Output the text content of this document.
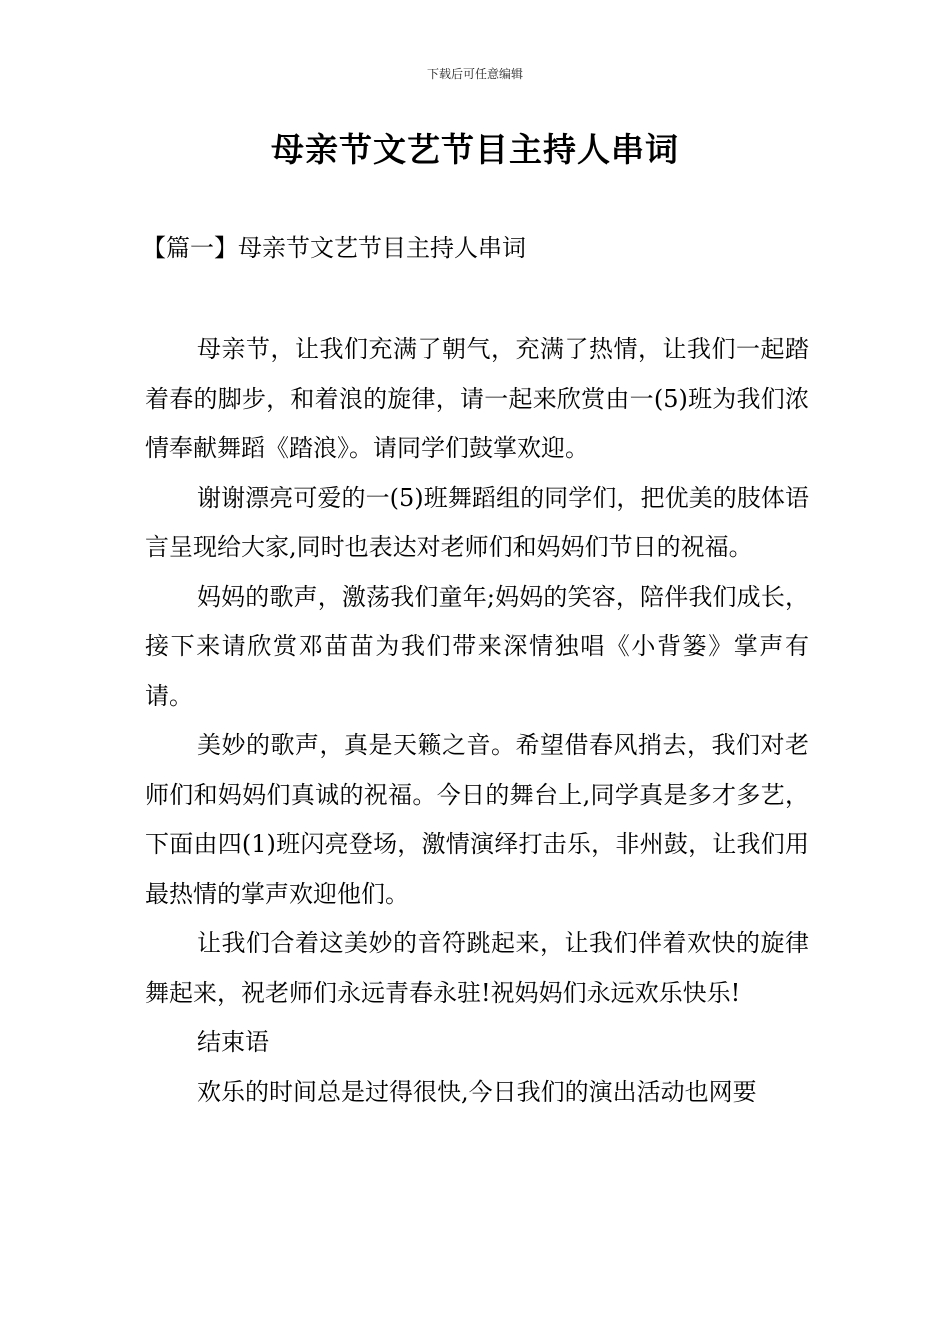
下载后可任意编辑
母亲节文艺节目主持人串词
【篇一】母亲节文艺节目主持人串词

母亲节，让我们充满了朝气，充满了热情，让我们一起踏着春的脚步，和着浪的旋律，请一起来欣赏由一(5)班为我们浓情奉献舞蹈《踏浪》。请同学们鼓掌欢迎。

谢谢漂亮可爱的一(5)班舞蹈组的同学们，把优美的肢体语言呈现给大家,同时也表达对老师们和妈妈们节日的祝福。

妈妈的歌声，激荡我们童年;妈妈的笑容，陪伴我们成长，接下来请欣赏邓苗苗为我们带来深情独唱《小背篓》掌声有请。

美妙的歌声，真是天籁之音。希望借春风捎去，我们对老师们和妈妈们真诚的祝福。今日的舞台上,同学真是多才多艺，下面由四(1)班闪亮登场，激情演绎打击乐，非州鼓，让我们用最热情的掌声欢迎他们。

让我们合着这美妙的音符跳起来，让我们伴着欢快的旋律舞起来，祝老师们永远青春永驻!祝妈妈们永远欢乐快乐!

结束语

欢乐的时间总是过得很快,今日我们的演出活动也网要
